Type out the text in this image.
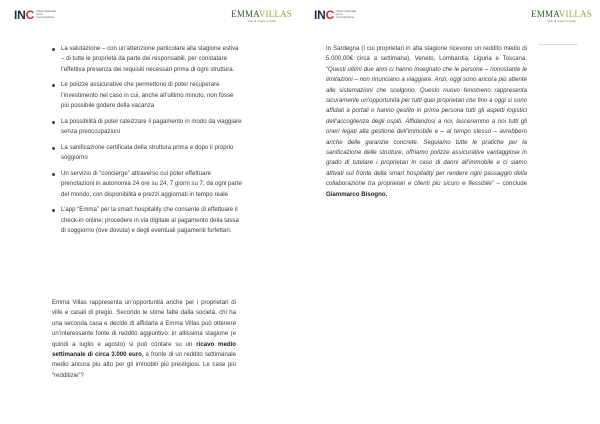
INC Istituto Nazionale per la Comunicazione	EMMAVILLAS
Ville di pregio in Italia
La valutazione – con un’attenzione particolare alla stagione estiva – di tutte le proprietà da parte dei responsabili, per constatare l’effettiva presenza dei requisiti necessari prima di ogni struttura.
Le polizze assicurative che permettono di poter recuperare l’investimento nel caso in cui, anche all’ultimo minuto, non fosse più possibile godere della vacanza
La possibilità di poter rateizzare il pagamento in modo da viaggiare senza preoccupazioni
La sanificazione certificata della struttura prima e dopo il proprio soggiorno
Un servizio di “concierge” attraverso cui poter effettuare prenotazioni in autonomia 24 ore su 24, 7 giorni su 7, da ogni parte del mondo, con disponibilità e prezzi aggiornati in tempo reale
L’app “Emma” per la smart hospitality che consente di effettuare il check-in online; procedere in via digitale al pagamento della tassa di soggiorno (ove dovuta) e degli eventuali pagamenti forfettari.

Emma Villas rappresenta un’opportunità anche per i proprietari di ville e casali di pregio. Secondo le stime fatte dalla società, chi ha una seconda casa e decide di affidarla a Emma Villas può ottenere un’interessante fonte di reddito aggiuntivo: in altissima stagione (e quindi a luglio e agosto) si può contare su un ricavo medio settimanale di circa 3.000 euro, a fronte di un reddito settimanale medio ancora più alto per gli immobili più prestigiosi. Le case più “redditizie”?

INC Istituto Nazionale per la Comunicazione	EMMAVILLAS
Ville di pregio in Italia

In Sardegna (i cui proprietari in alta stagione ricevono un reddito medio di 5.000,00€ circa a settimana), Veneto, Lombardia, Liguria e Toscana. “Questi ultimi due anni ci hanno insegnato che le persone – nonostante le limitazioni – non rinunciano a viaggiare. Anzi, oggi sono ancora più attente alle sistemazioni che scelgono. Questo nuovo fenomeno rappresenta sicuramente un’opportunità per tutti quei proprietari che fino a oggi si sono affidati a portali o hanno gestito in prima persona tutti gli aspetti logistici dell’accoglienza degli ospiti. Affidandosi a noi, lasceremmo a noi tutti gli oneri legati alla gestione dell’immobile e – al tempo stesso – avrebbero anche delle garanzie concrete. Seguiamo tutte le pratiche per la sanificazione delle strutture, offriamo polizze assicurative vantaggiose in grado di tutelare i proprietari in caso di danni all’immobile e ci siamo attivati sul fronte della smart hospitality per rendere ogni passaggio della collaborazione tra proprietari e clienti più sicuro e flessibile” – conclude Giammarco Bisogno.
